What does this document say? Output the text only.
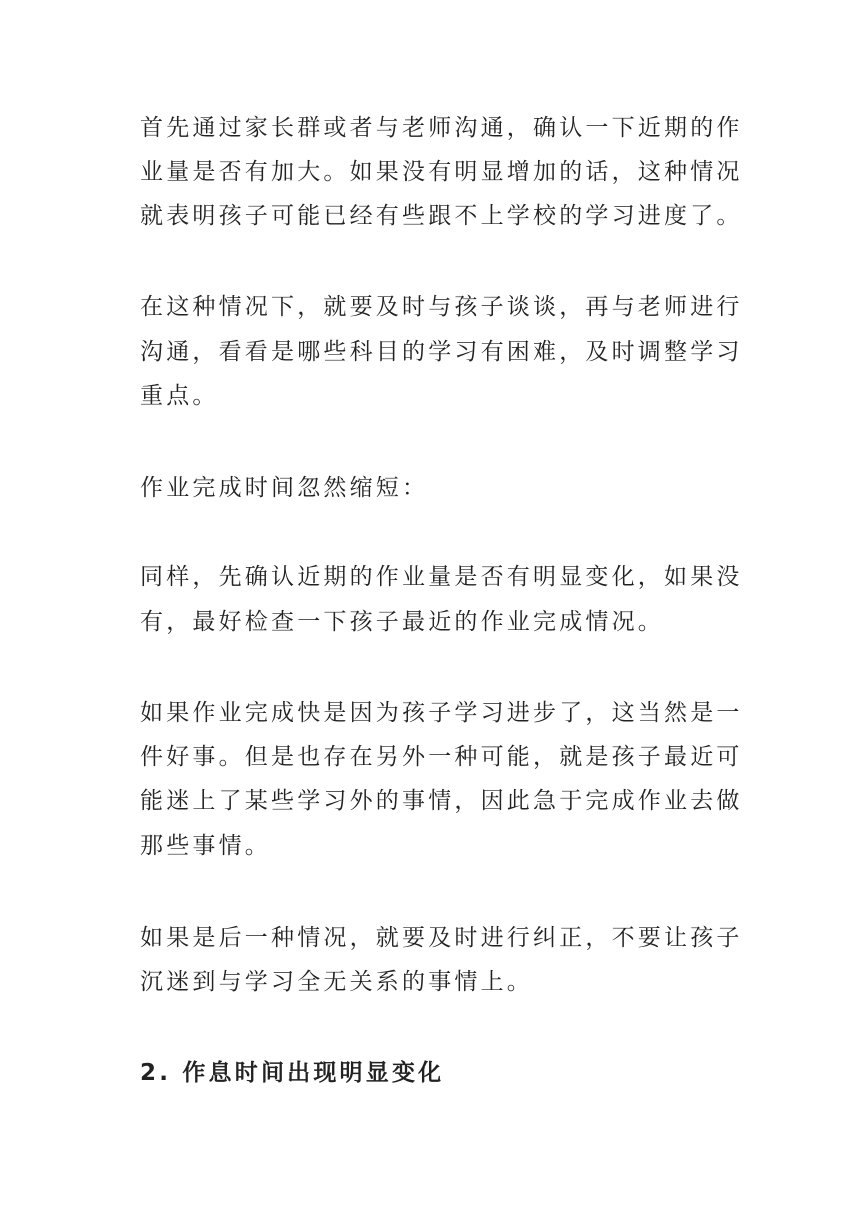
首先通过家长群或者与老师沟通，确认一下近期的作
业量是否有加大。如果没有明显增加的话，这种情况
就表明孩子可能已经有些跟不上学校的学习进度了。
在这种情况下，就要及时与孩子谈谈，再与老师进行
沟通，看看是哪些科目的学习有困难，及时调整学习
重点。
作业完成时间忽然缩短：
同样，先确认近期的作业量是否有明显变化，如果没
有，最好检查一下孩子最近的作业完成情况。
如果作业完成快是因为孩子学习进步了，这当然是一
件好事。但是也存在另外一种可能，就是孩子最近可
能迷上了某些学习外的事情，因此急于完成作业去做
那些事情。
如果是后一种情况，就要及时进行纠正，不要让孩子
沉迷到与学习全无关系的事情上。
2. 作息时间出现明显变化
